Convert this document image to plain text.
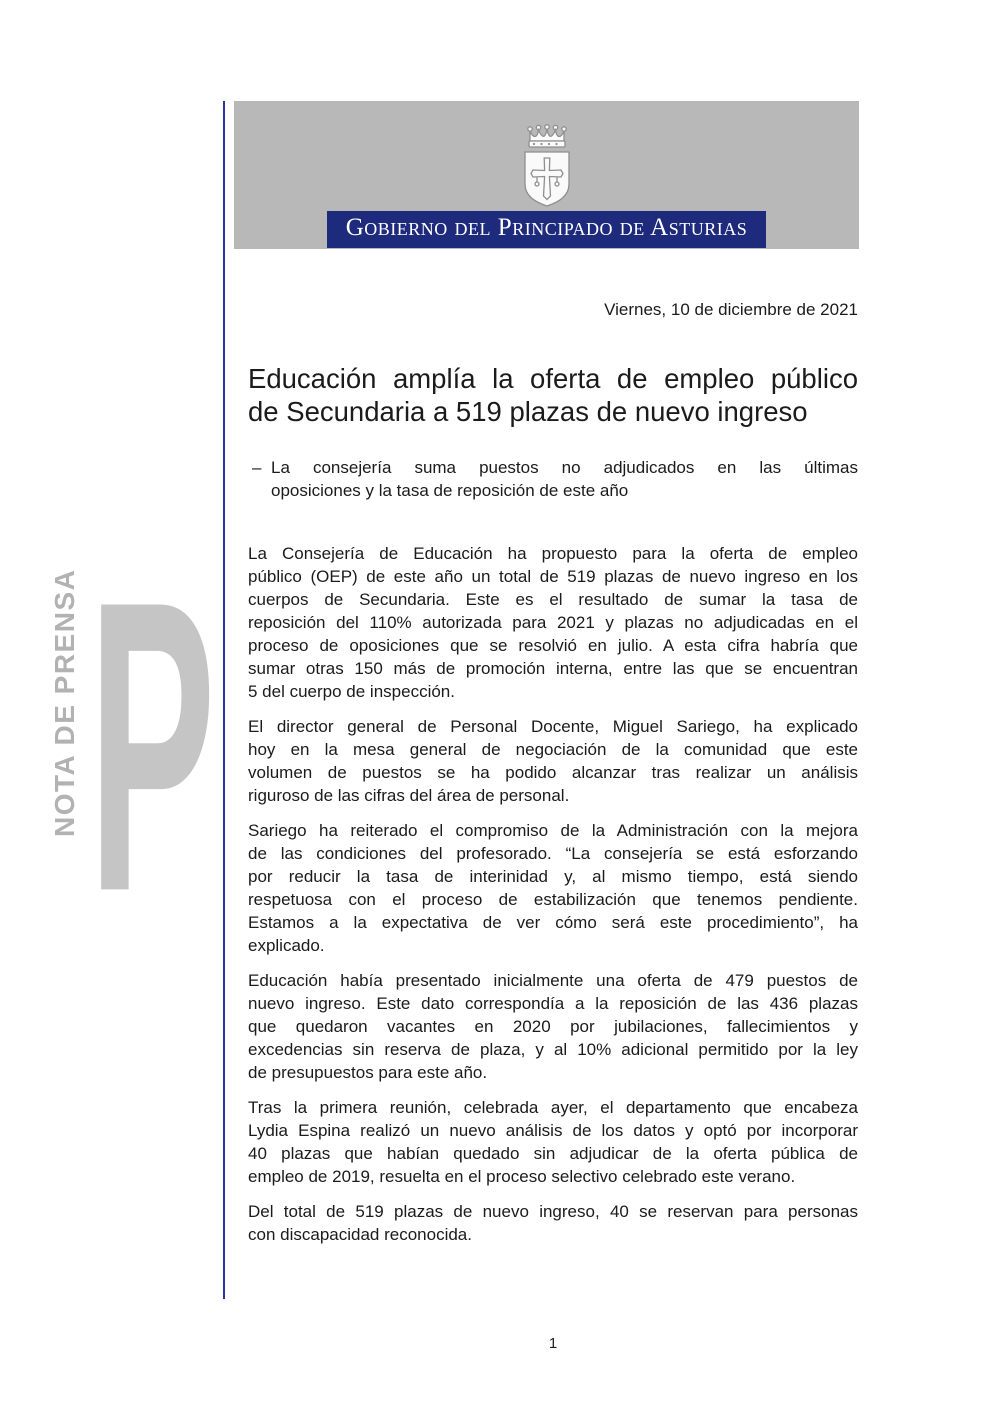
NOTA DE PRENSA P
Gobierno del Principado de Asturias
Viernes, 10 de diciembre de 2021
Educación amplía la oferta de empleo público
de Secundaria a 519 plazas de nuevo ingreso
– La consejería suma puestos no adjudicados en las últimas
oposiciones y la tasa de reposición de este año
La Consejería de Educación ha propuesto para la oferta de empleo
público (OEP) de este año un total de 519 plazas de nuevo ingreso en los
cuerpos de Secundaria. Este es el resultado de sumar la tasa de
reposición del 110% autorizada para 2021 y plazas no adjudicadas en el
proceso de oposiciones que se resolvió en julio. A esta cifra habría que
sumar otras 150 más de promoción interna, entre las que se encuentran
5 del cuerpo de inspección.
El director general de Personal Docente, Miguel Sariego, ha explicado
hoy en la mesa general de negociación de la comunidad que este
volumen de puestos se ha podido alcanzar tras realizar un análisis
riguroso de las cifras del área de personal.
Sariego ha reiterado el compromiso de la Administración con la mejora
de las condiciones del profesorado. “La consejería se está esforzando
por reducir la tasa de interinidad y, al mismo tiempo, está siendo
respetuosa con el proceso de estabilización que tenemos pendiente.
Estamos a la expectativa de ver cómo será este procedimiento”, ha
explicado.
Educación había presentado inicialmente una oferta de 479 puestos de
nuevo ingreso. Este dato correspondía a la reposición de las 436 plazas
que quedaron vacantes en 2020 por jubilaciones, fallecimientos y
excedencias sin reserva de plaza, y al 10% adicional permitido por la ley
de presupuestos para este año.
Tras la primera reunión, celebrada ayer, el departamento que encabeza
Lydia Espina realizó un nuevo análisis de los datos y optó por incorporar
40 plazas que habían quedado sin adjudicar de la oferta pública de
empleo de 2019, resuelta en el proceso selectivo celebrado este verano.
Del total de 519 plazas de nuevo ingreso, 40 se reservan para personas
con discapacidad reconocida.
1
